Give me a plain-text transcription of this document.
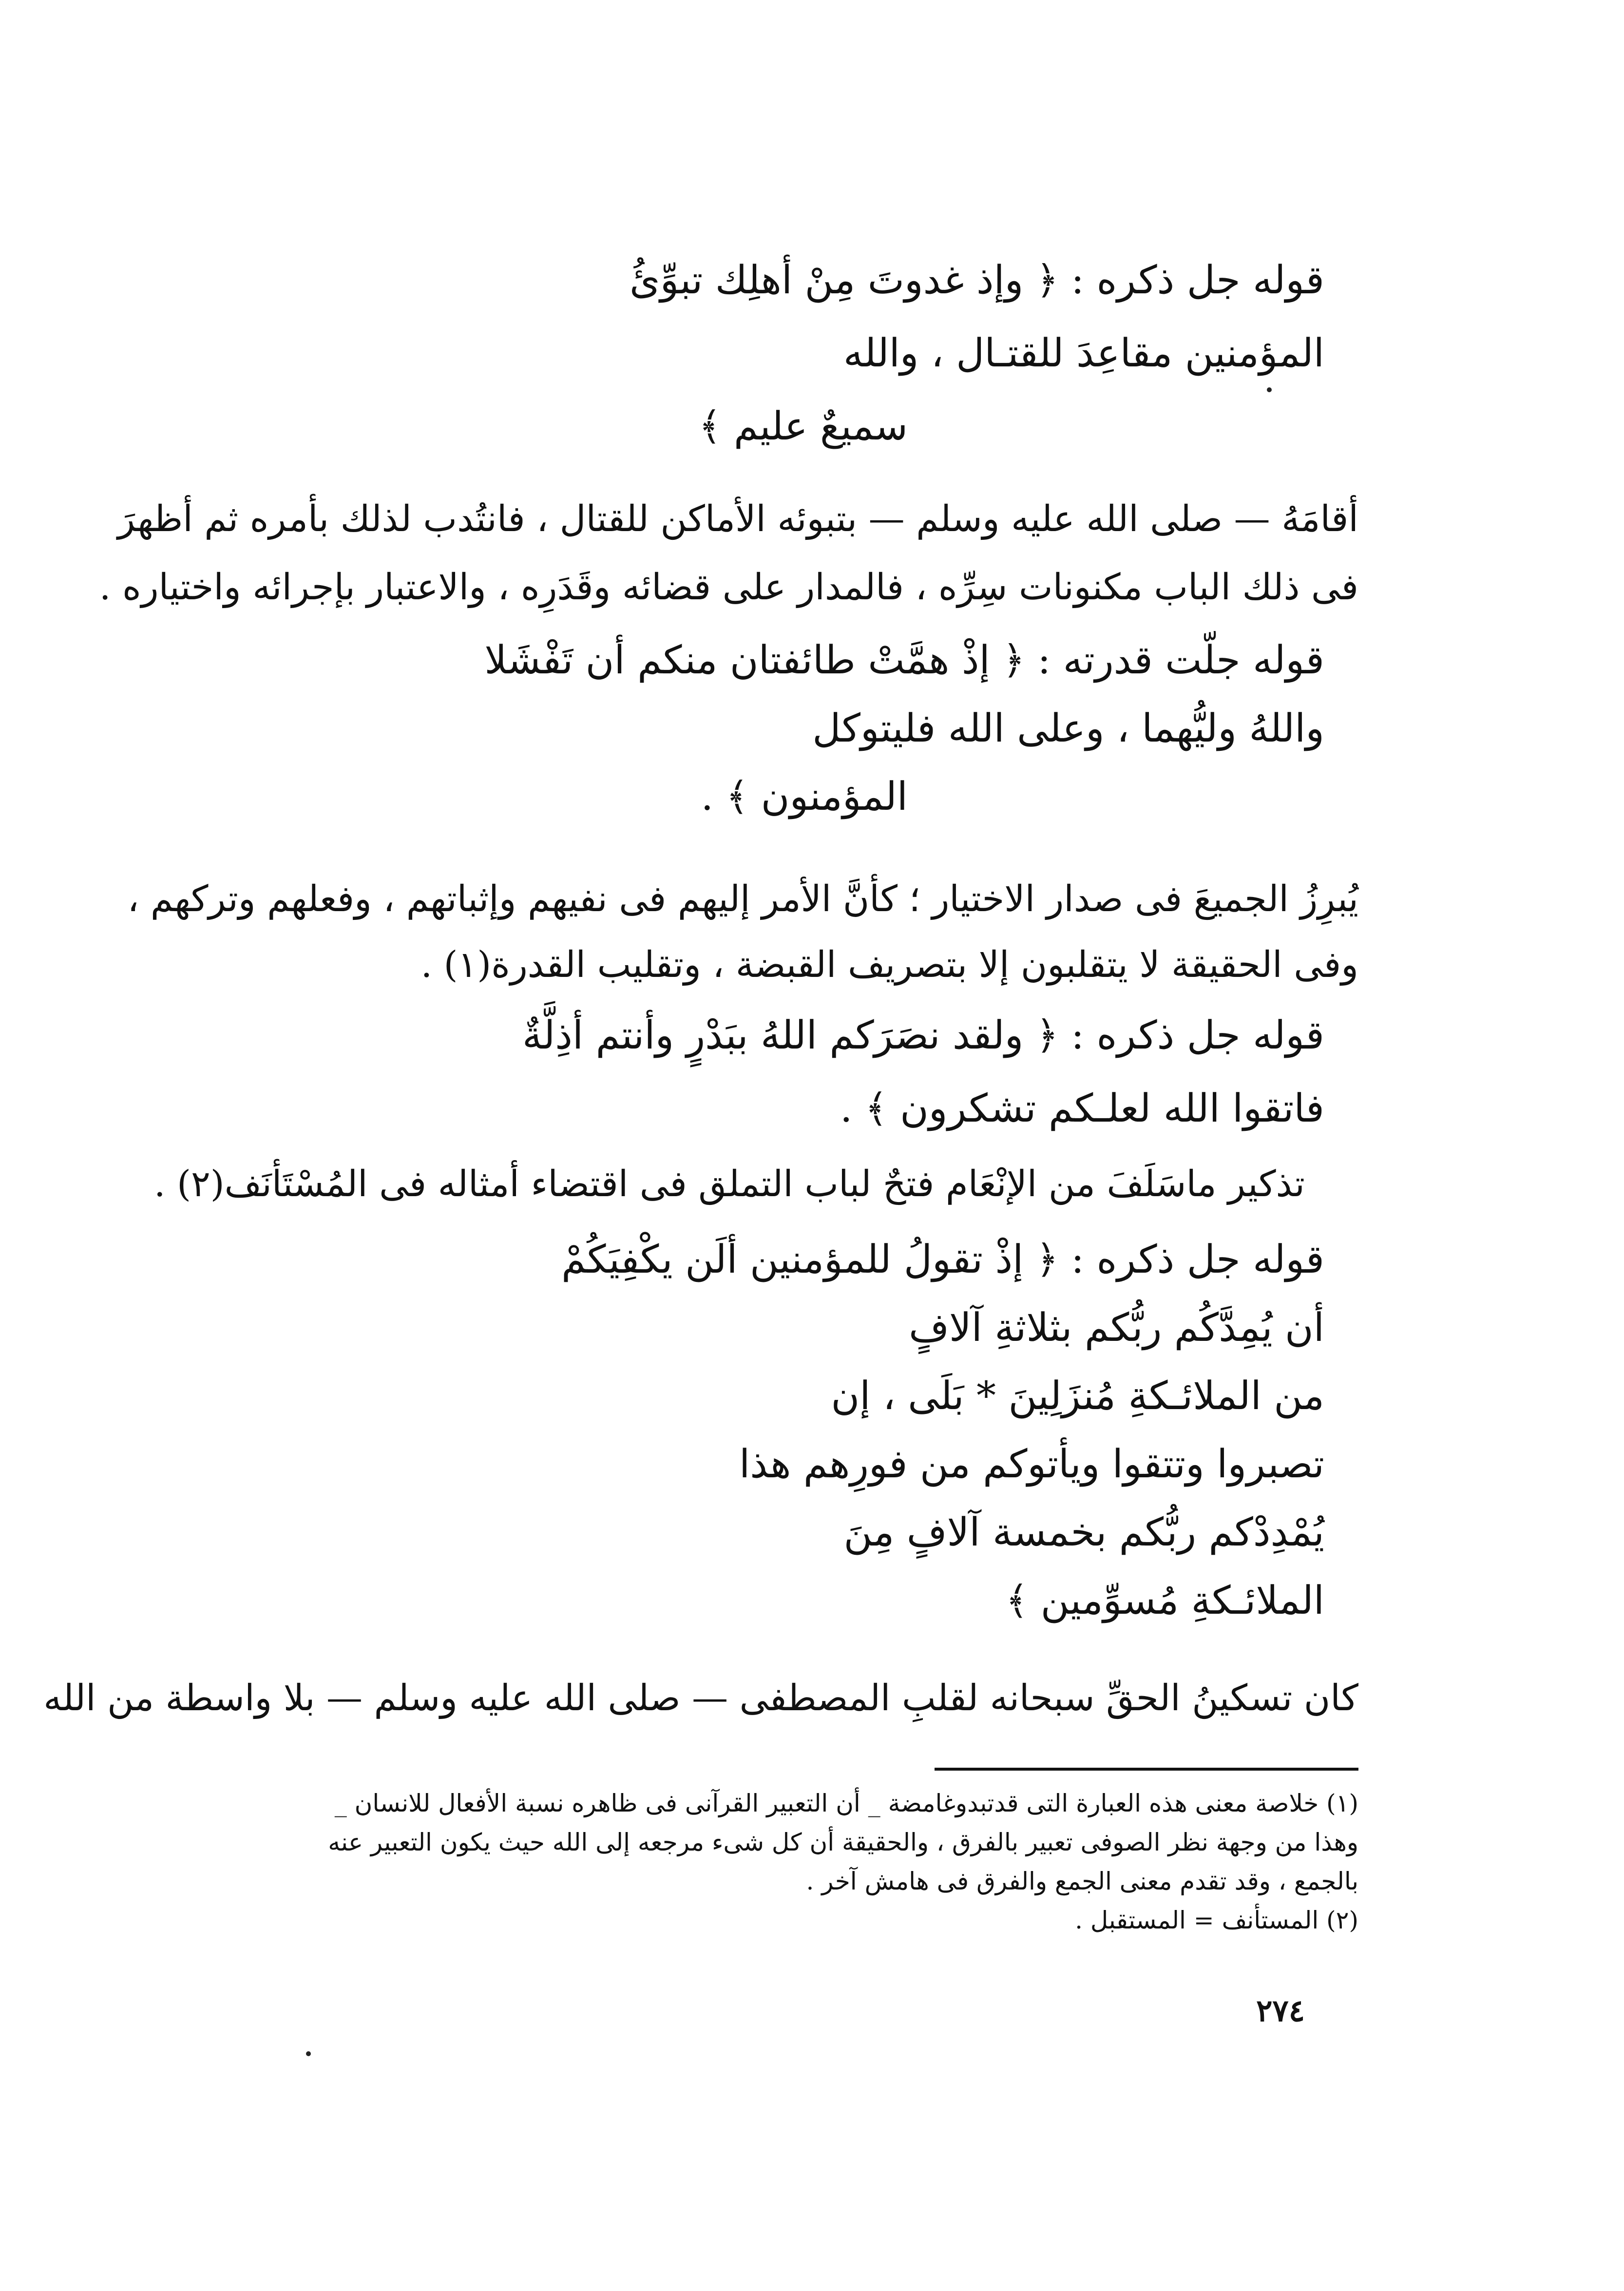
قوله جل ذكره : ﴿ وإذ غدوتَ مِنْ أهلِك تبوِّئُ
المؤمنين مقاعِدَ للقتـال ، والله
سميعٌ عليم ﴾
أقامَهُ — صلى الله عليه وسلم — بتبوئه الأماكن للقتال ، فانتُدب لذلك بأمره ثم أظهرَ
فى ذلك الباب مكنونات سِرِّه ، فالمدار على قضائه وقَدَرِه ، والاعتبار بإجرائه واختياره .
قوله جلّت قدرته : ﴿ إذْ همَّتْ طائفتان منكم أن تَفْشَلا
واللهُ وليُّهما ، وعلى الله فليتوكل
المؤمنون ﴾ .
يُبرِزُ الجميعَ فى صدار الاختيار ؛ كأنَّ الأمر إليهم فى نفيهم وإثباتهم ، وفعلهم وتركهم ،
وفى الحقيقة لا يتقلبون إلا بتصريف القبضة ، وتقليب القدرة(١) .
قوله جل ذكره : ﴿ ولقد نصَرَكم اللهُ ببَدْرٍ وأنتم أذِلَّةٌ
فاتقوا الله لعلـكم تشكرون ﴾ .
تذكير ماسَلَفَ من الإنْعَام فتحٌ لباب التملق فى اقتضاء أمثاله فى المُسْتَأنَف(٢) .
قوله جل ذكره : ﴿ إذْ تقولُ للمؤمنين ألَن يكْفِيَكُمْ
أن يُمِدَّكُم ربُّكم بثلاثةِ آلافٍ
من الملائـكةِ مُنزَلِينَ * بَلَى ، إن
تصبروا وتتقوا ويأتوكم من فورِهم هذا
يُمْدِدْكم ربُّكم بخمسة آلافٍ مِنَ
الملائـكةِ مُسوِّمين ﴾
كان تسكينُ الحقِّ سبحانه لقلبِ المصطفى — صلى الله عليه وسلم — بلا واسطة من الله
(١) خلاصة معنى هذه العبارة التى قدتبدوغامضة _ أن التعبير القرآنى فى ظاهره نسبة الأفعال للانسان _
وهذا من وجهة نظر الصوفى تعبير بالفرق ، والحقيقة أن كل شىء مرجعه إلى الله حيث يكون التعبير عنه
بالجمع ، وقد تقدم معنى الجمع والفرق فى هامش آخر .
(٢) المستأنف = المستقبل .
٢٧٤
